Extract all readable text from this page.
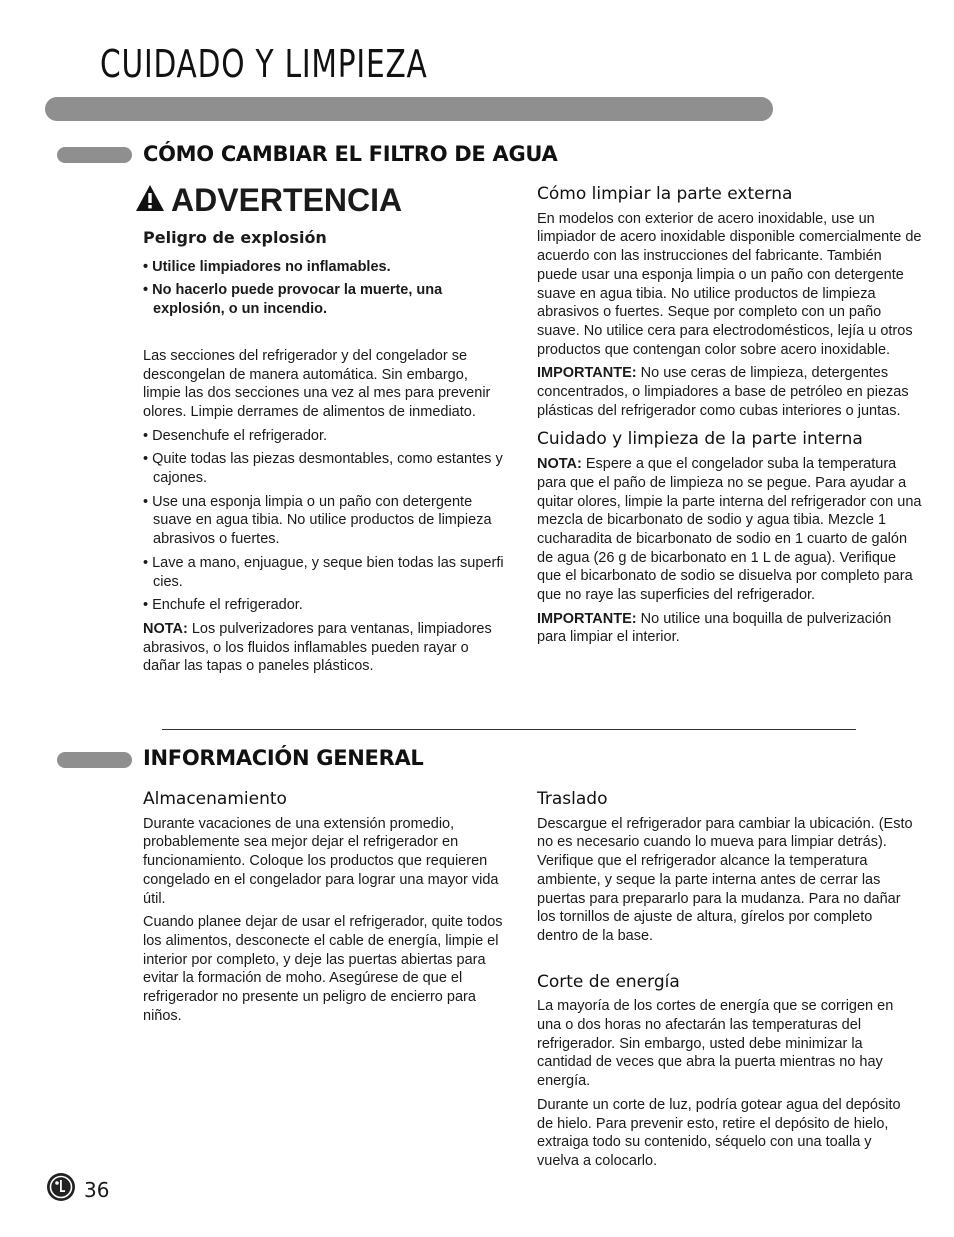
CUIDADO Y LIMPIEZA
CÓMO CAMBIAR EL FILTRO DE AGUA
ADVERTENCIA
Peligro de explosión
• Utilice limpiadores no inflamables.
• No hacerlo puede provocar la muerte, una explosión, o un incendio.

Las secciones del refrigerador y del congelador se descongelan de manera automática. Sin embargo, limpie las dos secciones una vez al mes para prevenir olores. Limpie derrames de alimentos de inmediato.

• Desenchufe el refrigerador.
• Quite todas las piezas desmontables, como estantes y cajones.
• Use una esponja limpia o un paño con detergente suave en agua tibia. No utilice productos de limpieza abrasivos o fuertes.
• Lave a mano, enjuague, y seque bien todas las superfi cies.
• Enchufe el refrigerador.

NOTA: Los pulverizadores para ventanas, limpiadores abrasivos, o los fluidos inflamables pueden rayar o dañar las tapas o paneles plásticos.

Cómo limpiar la parte externa

En modelos con exterior de acero inoxidable, use un limpiador de acero inoxidable disponible comercialmente de acuerdo con las instrucciones del fabricante. También puede usar una esponja limpia o un paño con detergente suave en agua tibia. No utilice productos de limpieza abrasivos o fuertes. Seque por completo con un paño suave. No utilice cera para electrodomésticos, lejía u otros productos que contengan color sobre acero inoxidable.

IMPORTANTE: No use ceras de limpieza, detergentes concentrados, o limpiadores a base de petróleo en piezas plásticas del refrigerador como cubas interiores o juntas.

Cuidado y limpieza de la parte interna

NOTA: Espere a que el congelador suba la temperatura para que el paño de limpieza no se pegue. Para ayudar a quitar olores, limpie la parte interna del refrigerador con una mezcla de bicarbonato de sodio y agua tibia. Mezcle 1 cucharadita de bicarbonato de sodio en 1 cuarto de galón de agua (26 g de bicarbonato en 1 L de agua). Verifique que el bicarbonato de sodio se disuelva por completo para que no raye las superficies del refrigerador.

IMPORTANTE: No utilice una boquilla de pulverización para limpiar el interior.

INFORMACIÓN GENERAL
Almacenamiento

Durante vacaciones de una extensión promedio, probablemente sea mejor dejar el refrigerador en funcionamiento. Coloque los productos que requieren congelado en el congelador para lograr una mayor vida útil.

Cuando planee dejar de usar el refrigerador, quite todos los alimentos, desconecte el cable de energía, limpie el interior por completo, y deje las puertas abiertas para evitar la formación de moho. Asegúrese de que el refrigerador no presente un peligro de encierro para niños.

Traslado

Descargue el refrigerador para cambiar la ubicación. (Esto no es necesario cuando lo mueva para limpiar detrás). Verifique que el refrigerador alcance la temperatura ambiente, y seque la parte interna antes de cerrar las puertas para prepararlo para la mudanza. Para no dañar los tornillos de ajuste de altura, gírelos por completo dentro de la base.

Corte de energía

La mayoría de los cortes de energía que se corrigen en una o dos horas no afectarán las temperaturas del refrigerador. Sin embargo, usted debe minimizar la cantidad de veces que abra la puerta mientras no hay energía.

Durante un corte de luz, podría gotear agua del depósito de hielo. Para prevenir esto, retire el depósito de hielo, extraiga todo su contenido, séquelo con una toalla y vuelva a colocarlo.

36
